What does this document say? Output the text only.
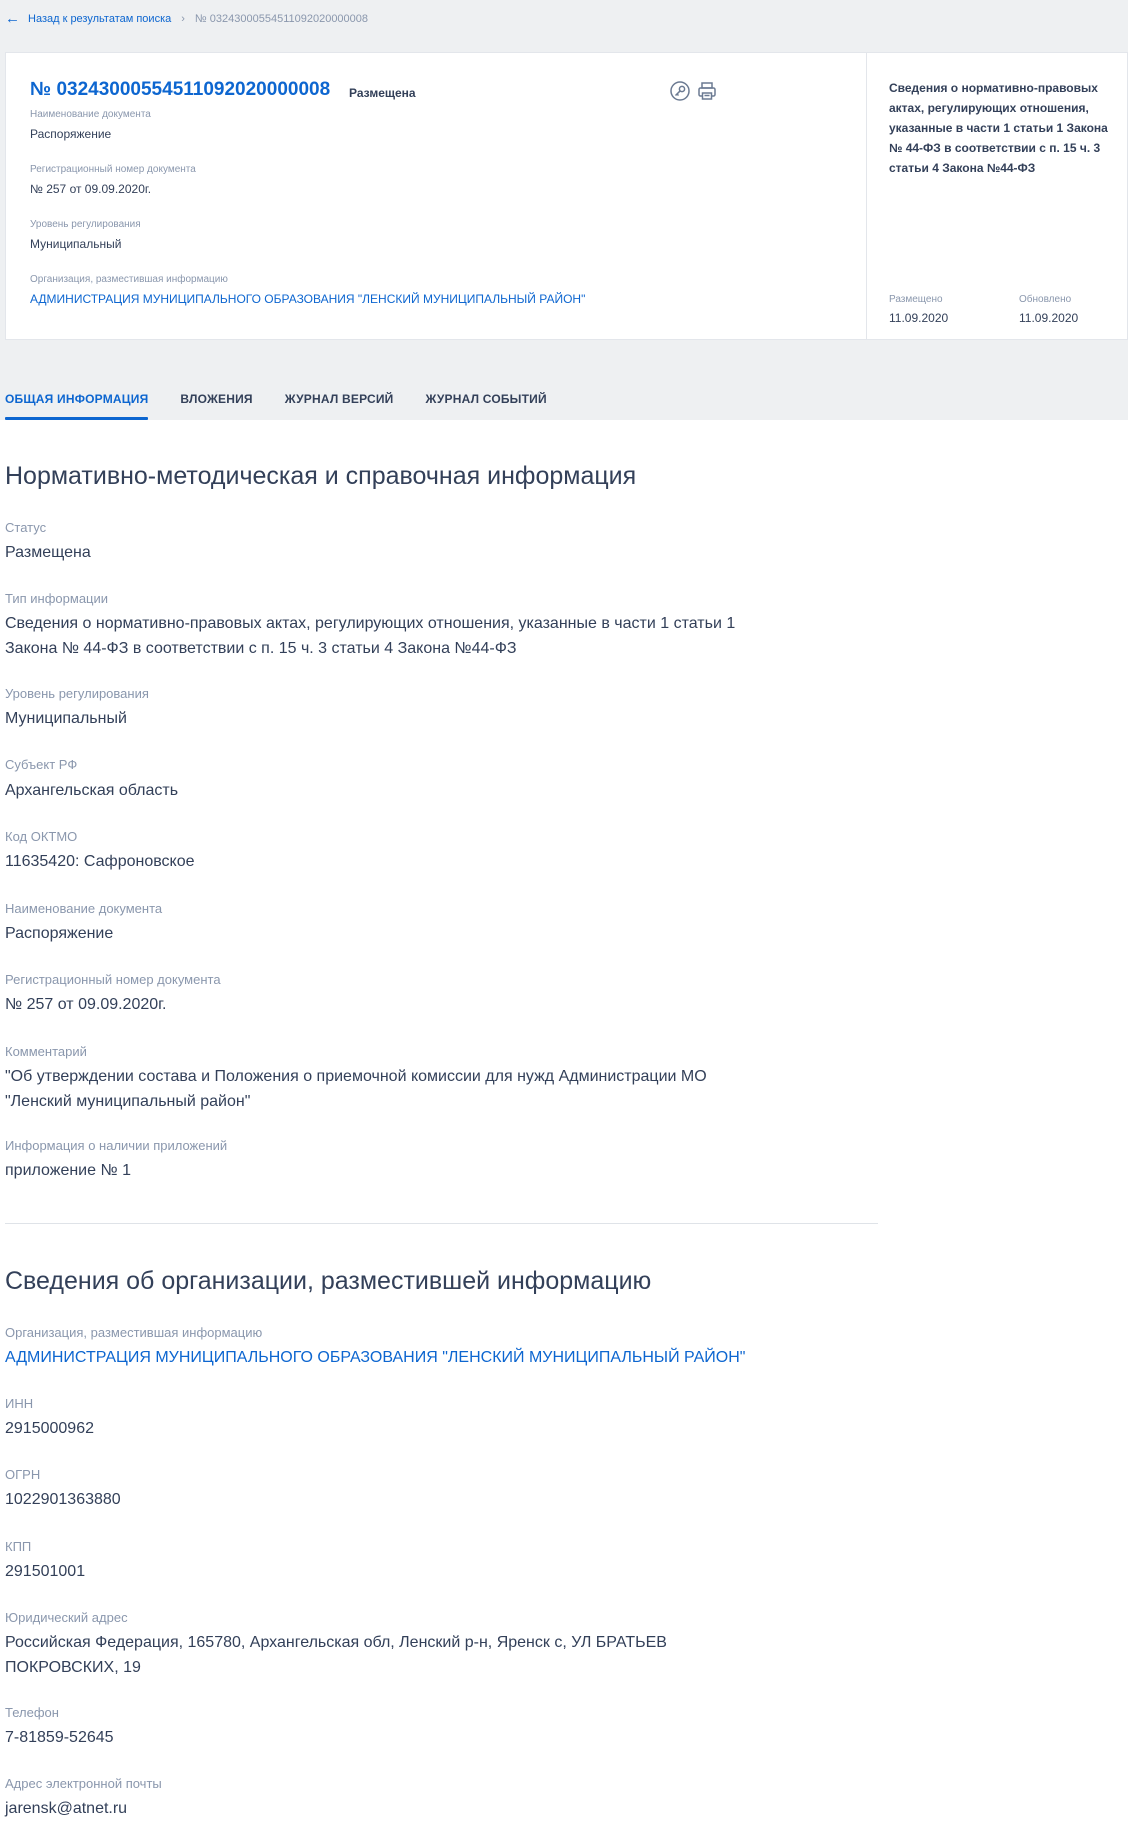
← Назад к результатам поиска › № 03243000554511092020000008
№ 03243000554511092020000008 Размещена
Наименование документа
Распоряжение
Регистрационный номер документа
№ 257 от 09.09.2020г.
Уровень регулирования
Муниципальный
Организация, разместившая информацию
АДМИНИСТРАЦИЯ МУНИЦИПАЛЬНОГО ОБРАЗОВАНИЯ "ЛЕНСКИЙ МУНИЦИПАЛЬНЫЙ РАЙОН"
Сведения о нормативно-правовых актах, регулирующих отношения, указанные в части 1 статьи 1 Закона № 44-ФЗ в соответствии с п. 15 ч. 3 статьи 4 Закона №44-ФЗ
Размещено
11.09.2020
Обновлено
11.09.2020
ОБЩАЯ ИНФОРМАЦИЯ	ВЛОЖЕНИЯ	ЖУРНАЛ ВЕРСИЙ	ЖУРНАЛ СОБЫТИЙ
Нормативно-методическая и справочная информация
Статус
Размещена
Тип информации
Сведения о нормативно-правовых актах, регулирующих отношения, указанные в части 1 статьи 1 Закона № 44-ФЗ в соответствии с п. 15 ч. 3 статьи 4 Закона №44-ФЗ
Уровень регулирования
Муниципальный
Субъект РФ
Архангельская область
Код ОКТМО
11635420: Сафроновское
Наименование документа
Распоряжение
Регистрационный номер документа
№ 257 от 09.09.2020г.
Комментарий
"Об утверждении состава и Положения о приемочной комиссии для нужд Администрации МО "Ленский муниципальный район"
Информация о наличии приложений
приложение № 1
Сведения об организации, разместившей информацию
Организация, разместившая информацию
АДМИНИСТРАЦИЯ МУНИЦИПАЛЬНОГО ОБРАЗОВАНИЯ "ЛЕНСКИЙ МУНИЦИПАЛЬНЫЙ РАЙОН"
ИНН
2915000962
ОГРН
1022901363880
КПП
291501001
Юридический адрес
Российская Федерация, 165780, Архангельская обл, Ленский р-н, Яренск с, УЛ БРАТЬЕВ ПОКРОВСКИХ, 19
Телефон
7-81859-52645
Адрес электронной почты
jarensk@atnet.ru
